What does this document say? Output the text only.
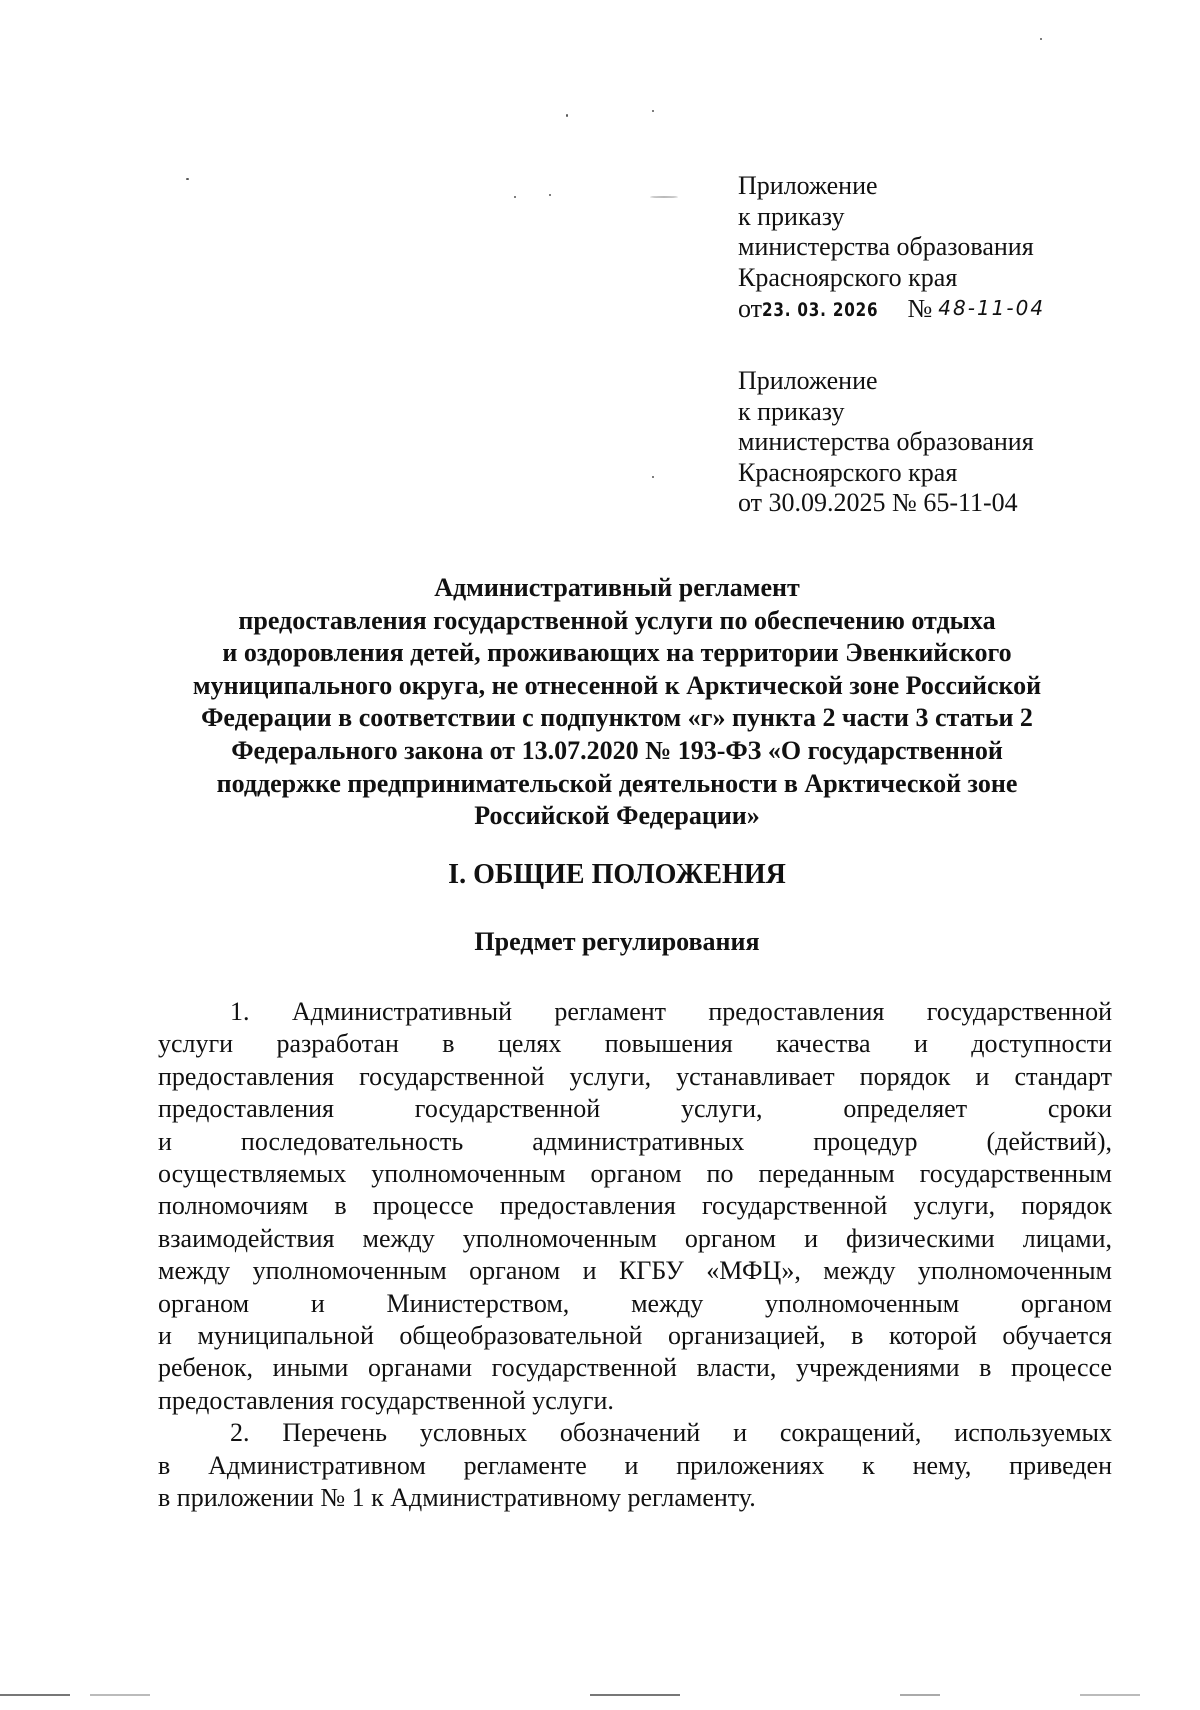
Приложение
к приказу
министерства образования
Красноярского края
от23. 03. 2026 № 48-11-04
Приложение
к приказу
министерства образования
Красноярского края
от 30.09.2025 № 65-11-04
Административный регламент
предоставления государственной услуги по обеспечению отдыха
и оздоровления детей, проживающих на территории Эвенкийского
муниципального округа, не отнесенной к Арктической зоне Российской
Федерации в соответствии с подпунктом «г» пункта 2 части 3 статьи 2
Федерального закона от 13.07.2020 № 193-ФЗ «О государственной
поддержке предпринимательской деятельности в Арктической зоне
Российской Федерации»
I. ОБЩИЕ ПОЛОЖЕНИЯ
Предмет регулирования
1. Административный регламент предоставления государственной
услуги разработан в целях повышения качества и доступности
предоставления государственной услуги, устанавливает порядок и стандарт
предоставления государственной услуги, определяет сроки
и последовательность административных процедур (действий),
осуществляемых уполномоченным органом по переданным государственным
полномочиям в процессе предоставления государственной услуги, порядок
взаимодействия между уполномоченным органом и физическими лицами,
между уполномоченным органом и КГБУ «МФЦ», между уполномоченным
органом и Министерством, между уполномоченным органом
и муниципальной общеобразовательной организацией, в которой обучается
ребенок, иными органами государственной власти, учреждениями в процессе
предоставления государственной услуги.
2. Перечень условных обозначений и сокращений, используемых
в Административном регламенте и приложениях к нему, приведен
в приложении № 1 к Административному регламенту.
